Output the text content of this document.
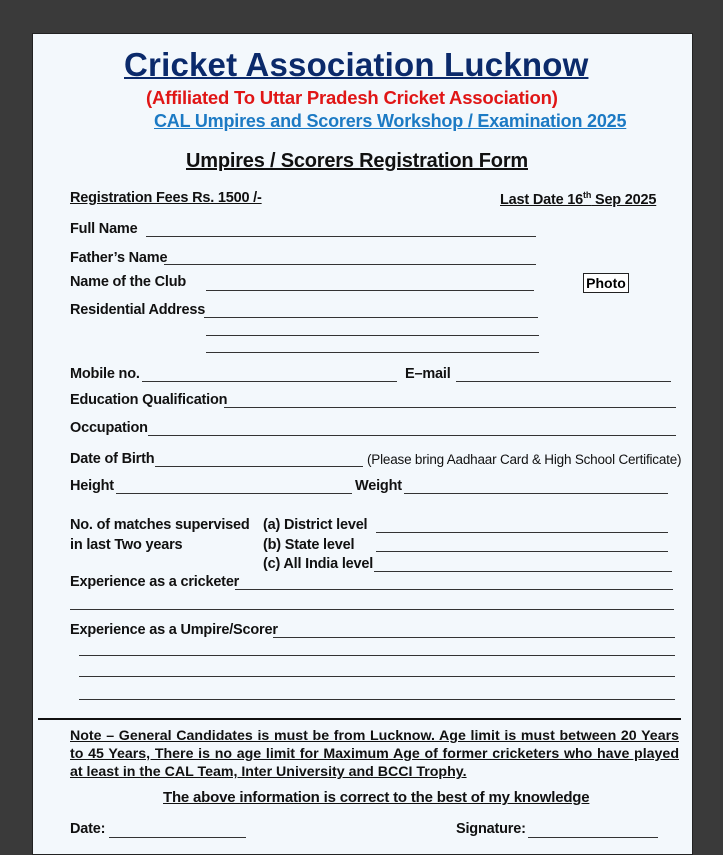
Cricket Association Lucknow
(Affiliated To Uttar Pradesh Cricket Association)
CAL Umpires and Scorers Workshop / Examination 2025
Umpires / Scorers Registration Form
Registration Fees Rs. 1500 /-	Last Date 16th Sep 2025
Full Name
Father’s Name
Name of the Club	Photo
Residential Address
Mobile no.	E–mail
Education Qualification
Occupation
Date of Birth	(Please bring Aadhaar Card & High School Certificate)
Height	Weight
No. of matches supervised
in last Two years
(a) District level
(b) State level
(c) All India level
Experience as a cricketer
Experience as a Umpire/Scorer
Note – General Candidates is must be from Lucknow. Age limit is must between 20 Years to 45 Years, There is no age limit for Maximum Age of former cricketers who have played at least in the CAL Team, Inter University and BCCI Trophy.
The above information is correct to the best of my knowledge
Date:	Signature:
